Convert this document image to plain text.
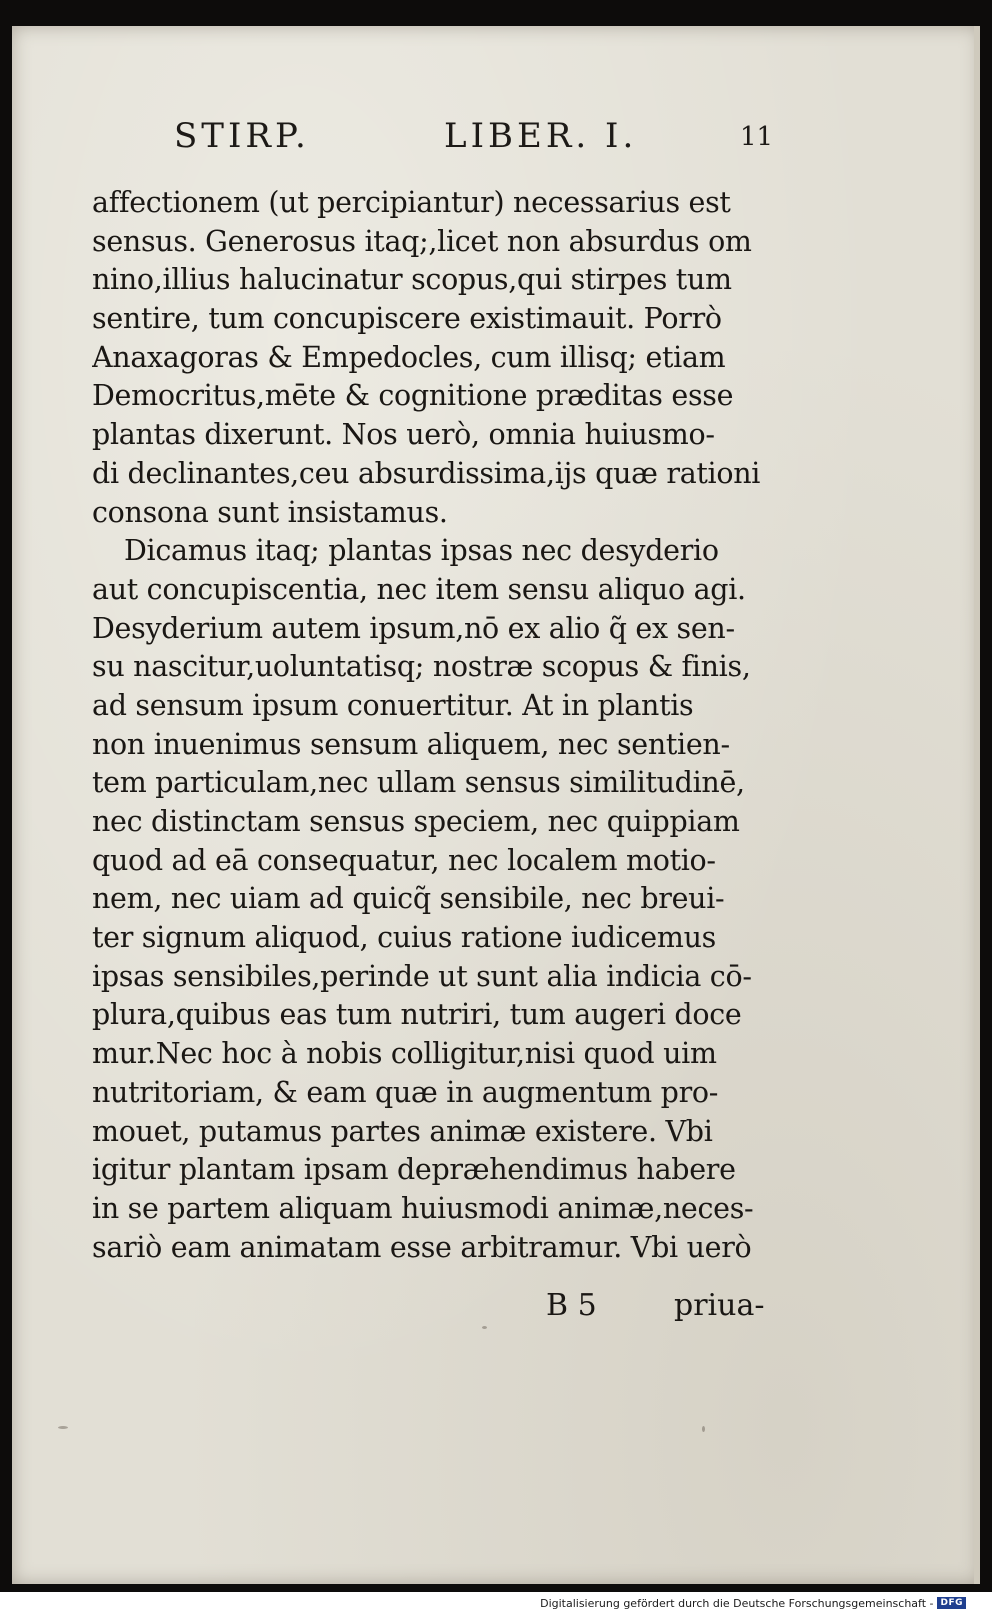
STIRP.	LIBER. I.	11
affectionem (ut percipiantur) necessarius est
sensus. Generosus itaq;,licet non absurdus om
nino,illius halucinatur scopus,qui stirpes tum
sentire, tum concupiscere existimauit. Porrò
Anaxagoras & Empedocles, cum illisq; etiam
Democritus,mēte & cognitione præditas esse
plantas dixerunt. Nos uerò, omnia huiusmo-
di declinantes,ceu absurdissima,ijs quæ rationi
consona sunt insistamus.
Dicamus itaq; plantas ipsas nec desyderio
aut concupiscentia, nec item sensu aliquo agi.
Desyderium autem ipsum,nō ex alio q̃ ex sen-
su nascitur,uoluntatisq; nostræ scopus & finis,
ad sensum ipsum conuertitur. At in plantis
non inuenimus sensum aliquem, nec sentien-
tem particulam,nec ullam sensus similitudinē,
nec distinctam sensus speciem, nec quippiam
quod ad eā consequatur, nec localem motio-
nem, nec uiam ad quicq̃ sensibile, nec breui-
ter signum aliquod, cuius ratione iudicemus
ipsas sensibiles,perinde ut sunt alia indicia cō-
plura,quibus eas tum nutriri, tum augeri doce
mur.Nec hoc à nobis colligitur,nisi quod uim
nutritoriam, & eam quæ in augmentum pro-
mouet, putamus partes animæ existere. Vbi
igitur plantam ipsam depræhendimus habere
in se partem aliquam huiusmodi animæ,neces-
sariò eam animatam esse arbitramur. Vbi uerò
B 5	priua-
Digitalisierung gefördert durch die Deutsche Forschungsgemeinschaft - DFG
